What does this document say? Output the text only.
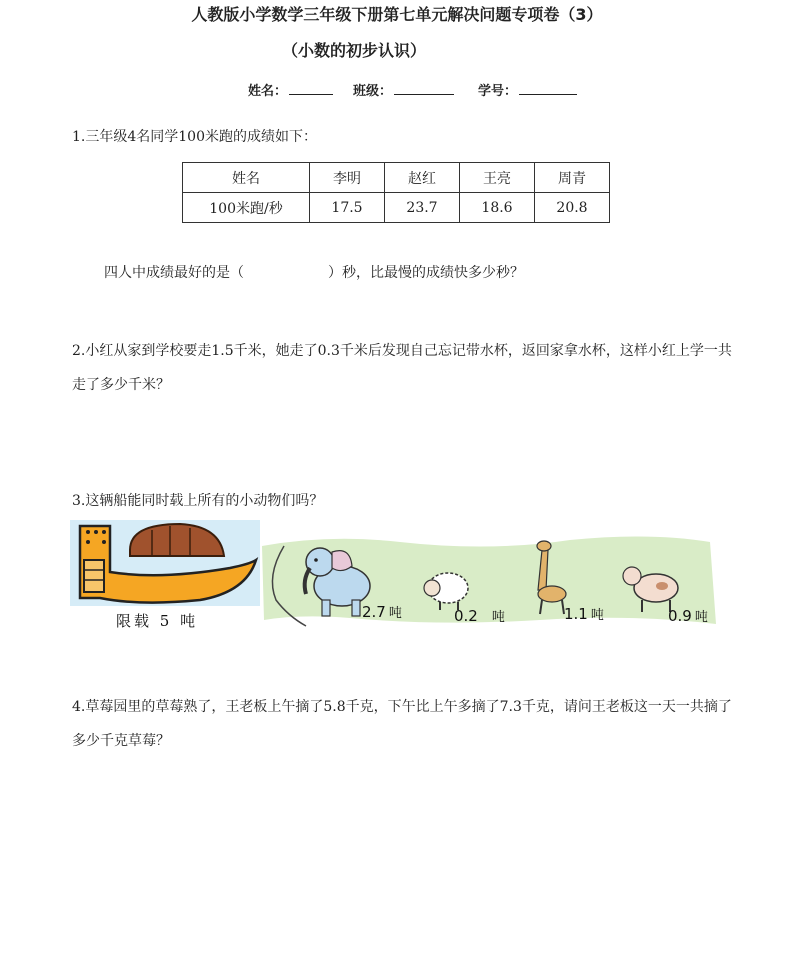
人教版小学数学三年级下册第七单元解决问题专项卷（3）
（小数的初步认识）
姓名：	班级：	学号：
1.三年级4名同学100米跑的成绩如下：
姓名	李明	赵红	王亮	周青
100米跑/秒	17.5	23.7	18.6	20.8
四人中成绩最好的是（	）秒，比最慢的成绩快多少秒？
2.小红从家到学校要走1.5千米，她走了0.3千米后发现自己忘记带水杯，返回家拿水杯，这样小红上学一共走了多少千米？
3.这辆船能同时载上所有的小动物们吗？
限载 5 吨	2.7 吨	0.2 吨	1.1 吨	0.9 吨
4.草莓园里的草莓熟了，王老板上午摘了5.8千克，下午比上午多摘了7.3千克，请问王老板这一天一共摘了多少千克草莓？
